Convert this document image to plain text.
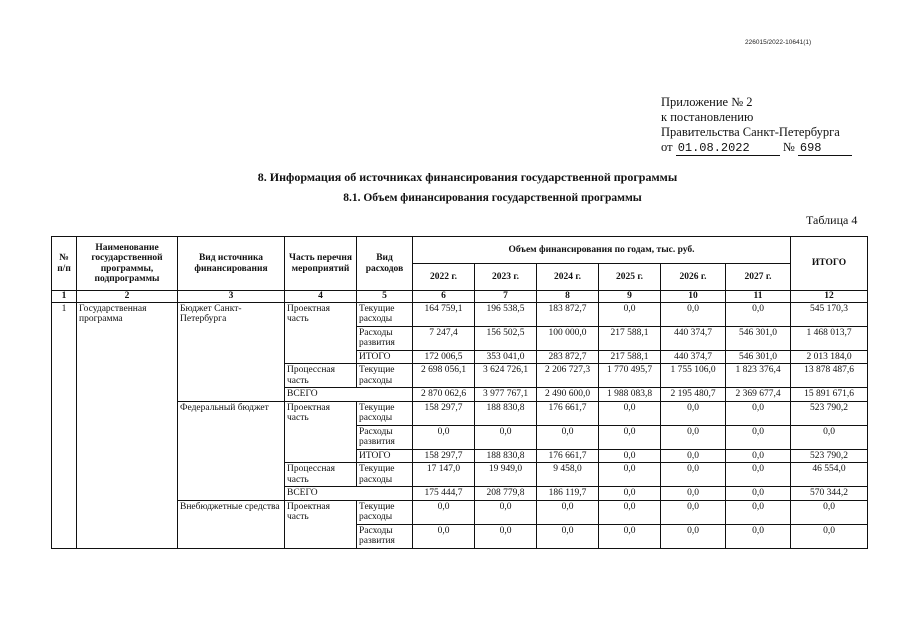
226015/2022-10641(1)
Приложение № 2
к постановлению
Правительства Санкт-Петербурга
от 01.08.2022	№ 698
8. Информация об источниках финансирования государственной программы
8.1. Объем финансирования государственной программы
Таблица 4
№ п/п	Наименование государственной программы, подпрограммы	Вид источника финансирования	Часть перечня мероприятий	Вид расходов	Объем финансирования по годам, тыс. руб.						ИТОГО
					2022 г.	2023 г.	2024 г.	2025 г.	2026 г.	2027 г.	
1	2	3	4	5	6	7	8	9	10	11	12
1	Государственная программа	Бюджет Санкт-Петербурга	Проектная часть	Текущие расходы	164 759,1	196 538,5	183 872,7	0,0	0,0	0,0	545 170,3
				Расходы развития	7 247,4	156 502,5	100 000,0	217 588,1	440 374,7	546 301,0	1 468 013,7
				ИТОГО	172 006,5	353 041,0	283 872,7	217 588,1	440 374,7	546 301,0	2 013 184,0
			Процессная часть	Текущие расходы	2 698 056,1	3 624 726,1	2 206 727,3	1 770 495,7	1 755 106,0	1 823 376,4	13 878 487,6
			ВСЕГО		2 870 062,6	3 977 767,1	2 490 600,0	1 988 083,8	2 195 480,7	2 369 677,4	15 891 671,6
		Федеральный бюджет	Проектная часть	Текущие расходы	158 297,7	188 830,8	176 661,7	0,0	0,0	0,0	523 790,2
				Расходы развития	0,0	0,0	0,0	0,0	0,0	0,0	0,0
				ИТОГО	158 297,7	188 830,8	176 661,7	0,0	0,0	0,0	523 790,2
			Процессная часть	Текущие расходы	17 147,0	19 949,0	9 458,0	0,0	0,0	0,0	46 554,0
			ВСЕГО		175 444,7	208 779,8	186 119,7	0,0	0,0	0,0	570 344,2
		Внебюджетные средства	Проектная часть	Текущие расходы	0,0	0,0	0,0	0,0	0,0	0,0	0,0
				Расходы развития	0,0	0,0	0,0	0,0	0,0	0,0	0,0
